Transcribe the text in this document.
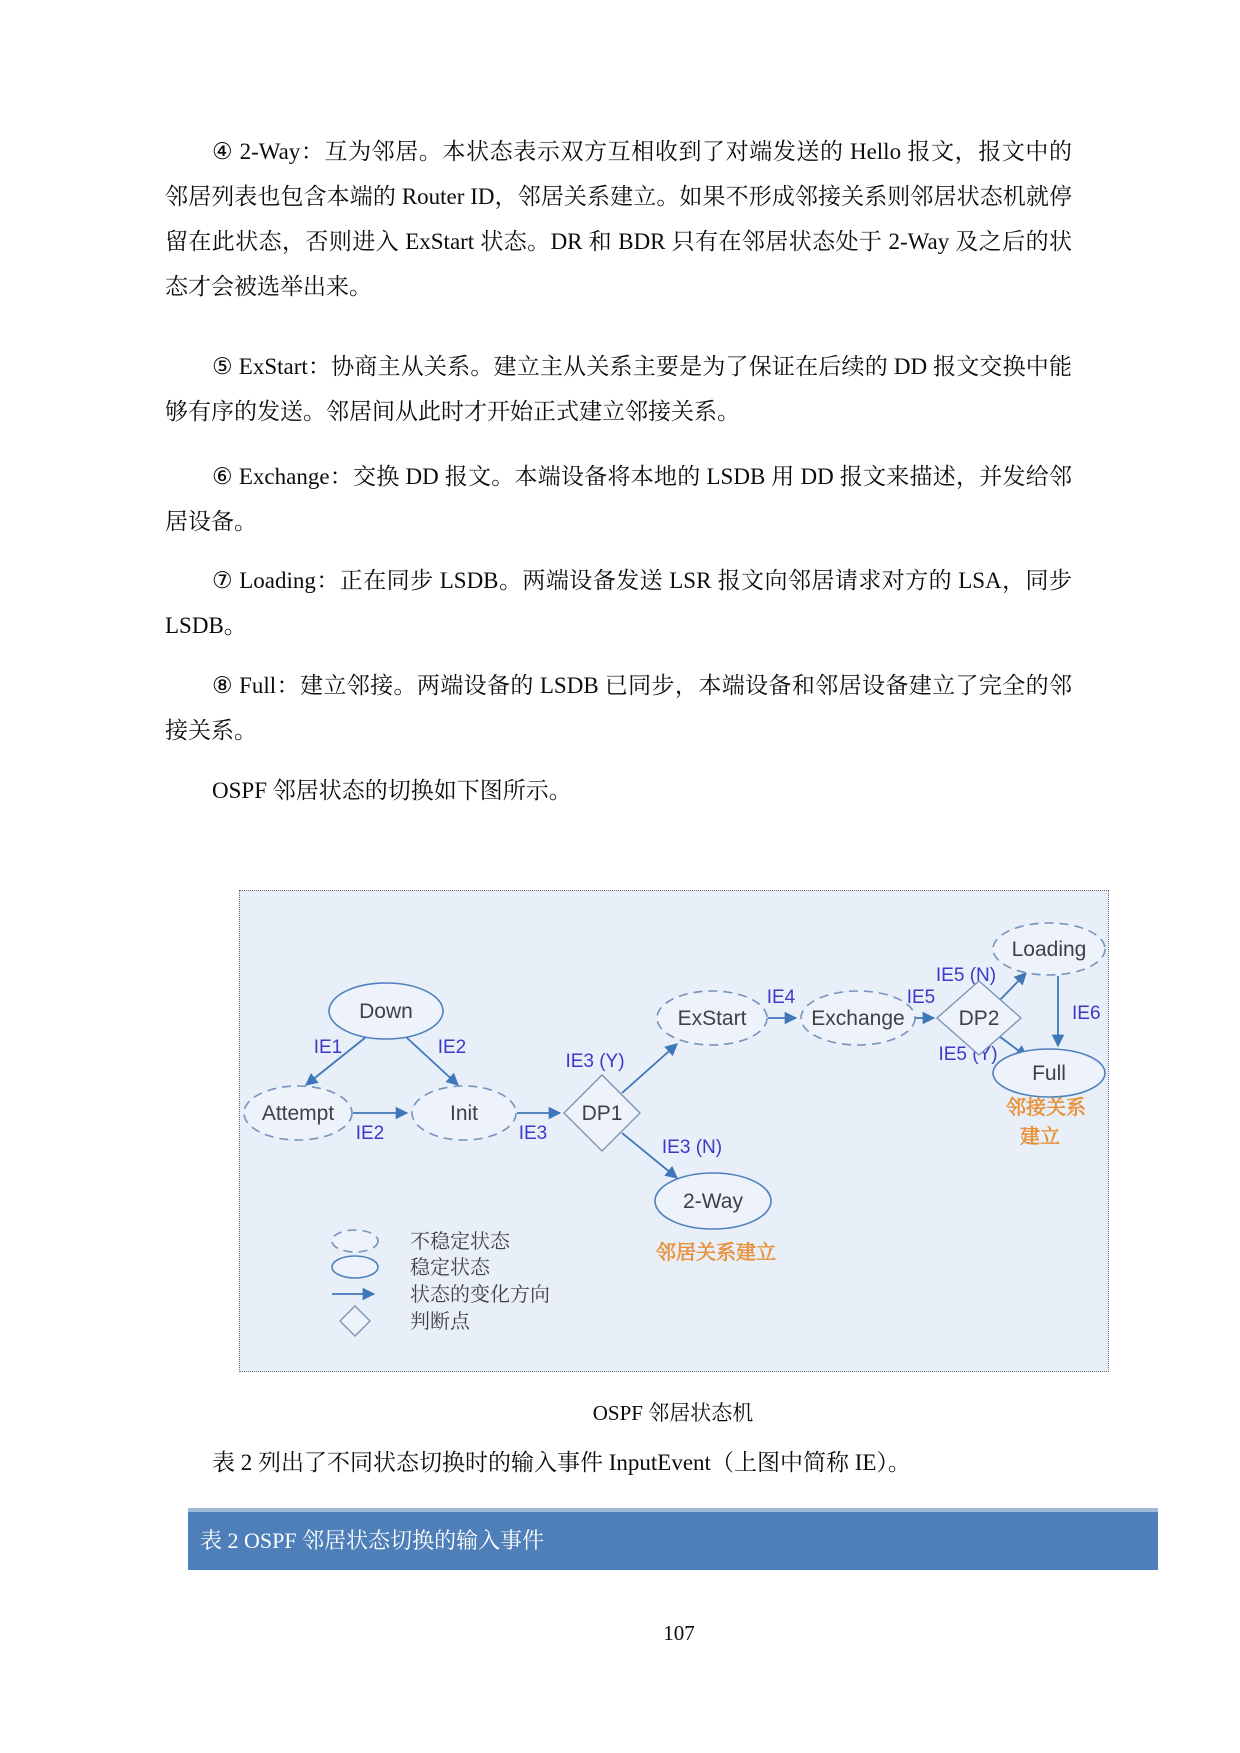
④ 2-Way：互为邻居。本状态表示双方互相收到了对端发送的 Hello 报文，报文中的邻居列表也包含本端的 Router ID，邻居关系建立。如果不形成邻接关系则邻居状态机就停留在此状态，否则进入 ExStart 状态。DR 和 BDR 只有在邻居状态处于 2-Way 及之后的状态才会被选举出来。
⑤ ExStart：协商主从关系。建立主从关系主要是为了保证在后续的 DD 报文交换中能够有序的发送。邻居间从此时才开始正式建立邻接关系。
⑥ Exchange：交换 DD 报文。本端设备将本地的 LSDB 用 DD 报文来描述，并发给邻居设备。
⑦ Loading：正在同步 LSDB。两端设备发送 LSR 报文向邻居请求对方的 LSA，同步 LSDB。
⑧ Full：建立邻接。两端设备的 LSDB 已同步，本端设备和邻居设备建立了完全的邻接关系。
OSPF 邻居状态的切换如下图所示。
IE1	IE2
IE2	IE3
IE3 (Y)
IE3 (N)
IE4	IE5
IE5 (N)
IE5 (Y)
IE6
Down
Attempt	Init	DP1
ExStart	Exchange	DP2
Loading
Full
2-Way
邻居关系建立
邻接关系
建立
不稳定状态
稳定状态
状态的变化方向
判断点
OSPF 邻居状态机
表 2 列出了不同状态切换时的输入事件 InputEvent（上图中简称 IE）。
表 2 OSPF 邻居状态切换的输入事件
107
